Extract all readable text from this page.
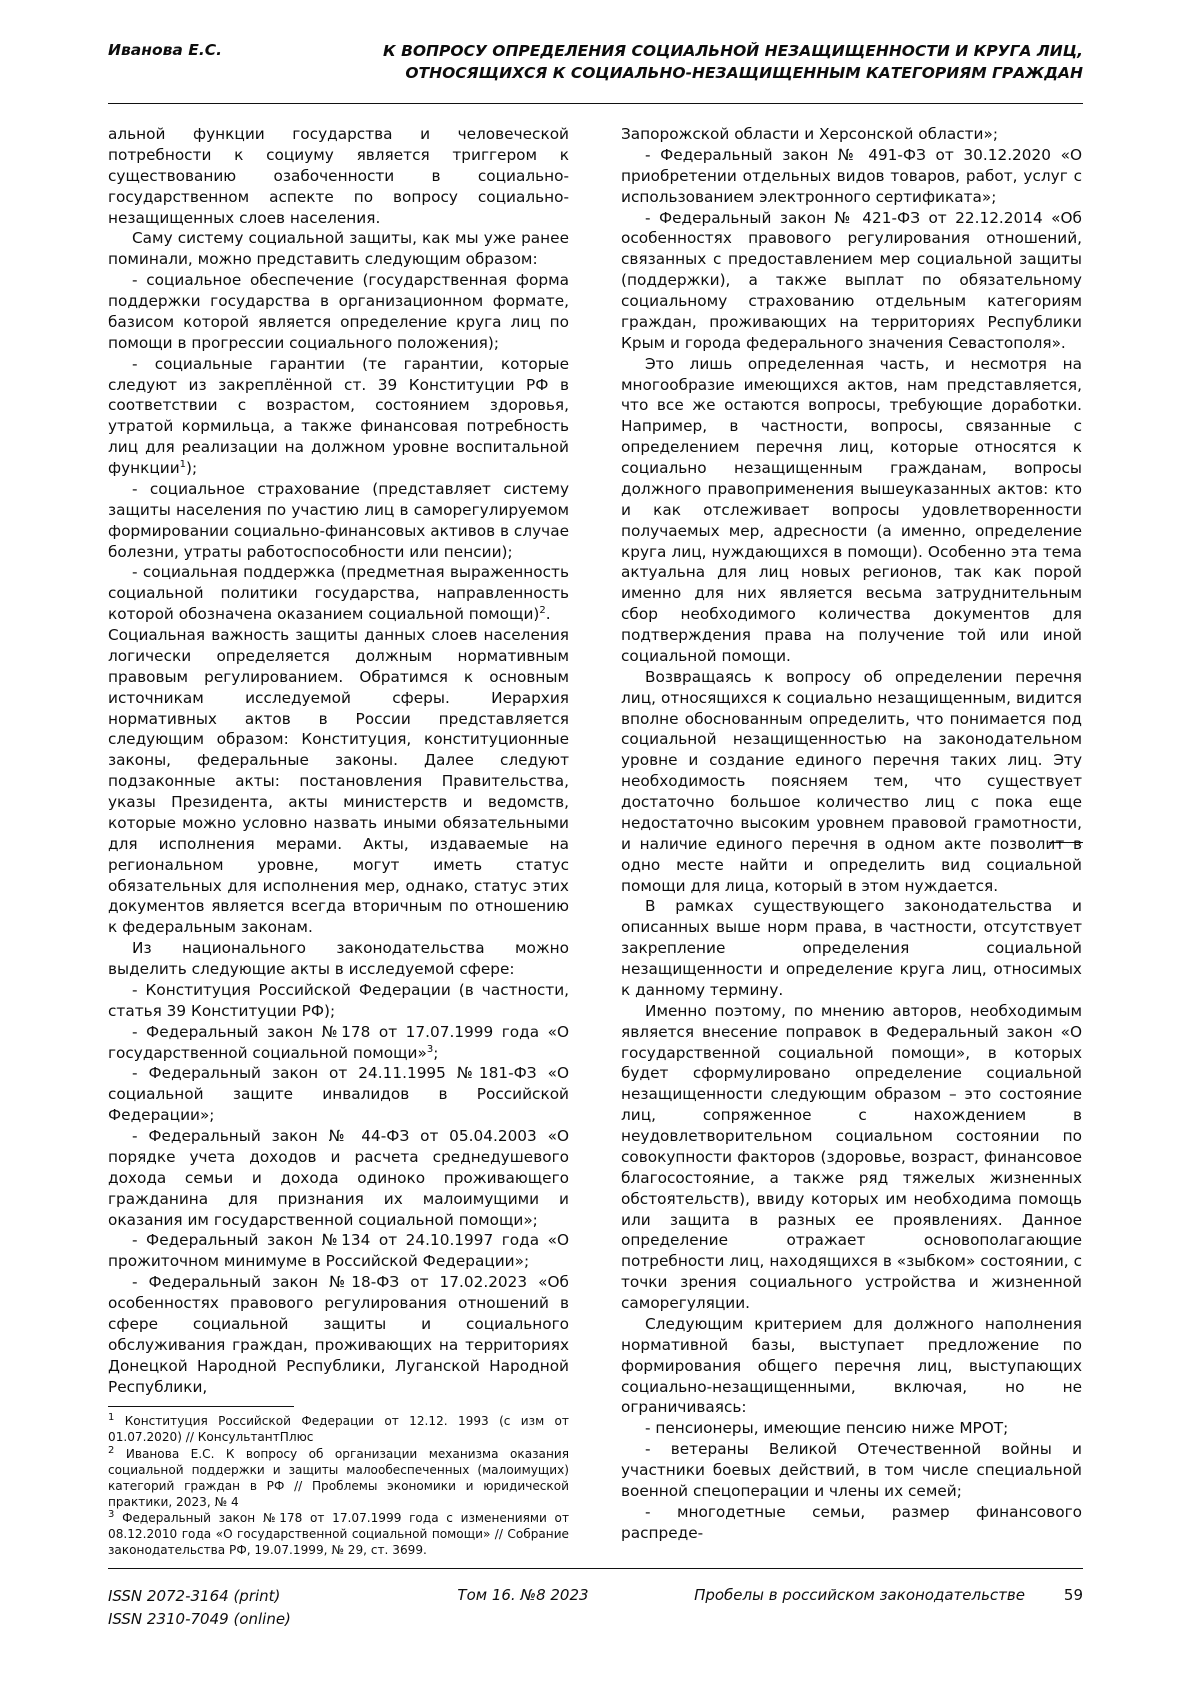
Иванова Е.С.	К ВОПРОСУ ОПРЕДЕЛЕНИЯ СОЦИАЛЬНОЙ НЕЗАЩИЩЕННОСТИ И КРУГА ЛИЦ,
ОТНОСЯЩИХСЯ К СОЦИАЛЬНО-НЕЗАЩИЩЕННЫМ КАТЕГОРИЯМ ГРАЖДАН

альной функции государства и человеческой потребности к социуму является триггером к существованию озабоченности в социально-государственном аспекте по вопросу социально-незащищенных слоев населения.

Саму систему социальной защиты, как мы уже ранее поминали, можно представить следующим образом:

- социальное обеспечение (государственная форма поддержки государства в организационном формате, базисом которой является определение круга лиц по помощи в прогрессии социального положения);

- социальные гарантии (те гарантии, которые следуют из закреплённой ст. 39 Конституции РФ в соответствии с возрастом, состоянием здоровья, утратой кормильца, а также финансовая потребность лиц для реализации на должном уровне воспитальной функции$^1$);

- социальное страхование (представляет систему защиты населения по участию лиц в саморегулируемом формировании социально-финансовых активов в случае болезни, утраты работоспособности или пенсии);

- социальная поддержка (предметная выраженность социальной политики государства, направленность которой обозначена оказанием социальной помощи)$^2$.

Социальная важность защиты данных слоев населения логически определяется должным нормативным правовым регулированием. Обратимся к основным источникам исследуемой сферы. Иерархия нормативных актов в России представляется следующим образом: Конституция, конституционные законы, федеральные законы. Далее следуют подзаконные акты: постановления Правительства, указы Президента, акты министерств и ведомств, которые можно условно назвать иными обязательными для исполнения мерами. Акты, издаваемые на региональном уровне, могут иметь статус обязательных для исполнения мер, однако, статус этих документов является всегда вторичным по отношению к федеральным законам.

Из национального законодательства можно выделить следующие акты в исследуемой сфере:

- Конституция Российской Федерации (в частности, статья 39 Конституции РФ);

- Федеральный закон №178 от 17.07.1999 года «О государственной социальной помощи»$^3$;

- Федеральный закон от 24.11.1995 №181-ФЗ «О социальной защите инвалидов в Российской Федерации»;

- Федеральный закон № 44-ФЗ от 05.04.2003 «О порядке учета доходов и расчета среднедушевого дохода семьи и дохода одиноко проживающего гражданина для признания их малоимущими и оказания им государственной социальной помощи»;

- Федеральный закон №134 от 24.10.1997 года «О прожиточном минимуме в Российской Федерации»;

- Федеральный закон №18-ФЗ от 17.02.2023 «Об особенностях правового регулирования отношений в сфере социальной защиты и социального обслуживания граждан, проживающих на территориях Донецкой Народной Республики, Луганской Народной Республики,

$^1$ Конституция Российской Федерации от 12.12. 1993 (с изм от 01.07.2020) // КонсультантПлюс

$^2$ Иванова Е.С. К вопросу об организации механизма оказания социальной поддержки и защиты малообеспеченных (малоимущих) категорий граждан в РФ // Проблемы экономики и юридической практики, 2023, № 4

$^3$ Федеральный закон №178 от 17.07.1999 года с изменениями от 08.12.2010 года «О государственной социальной помощи» // Собрание законодательства РФ, 19.07.1999, № 29, ст. 3699.

Запорожской области и Херсонской области»;

- Федеральный закон № 491-ФЗ от 30.12.2020 «О приобретении отдельных видов товаров, работ, услуг с использованием электронного сертификата»;

- Федеральный закон № 421-ФЗ от 22.12.2014 «Об особенностях правового регулирования отношений, связанных с предоставлением мер социальной защиты (поддержки), а также выплат по обязательному социальному страхованию отдельным категориям граждан, проживающих на территориях Республики Крым и города федерального значения Севастополя».

Это лишь определенная часть, и несмотря на многообразие имеющихся актов, нам представляется, что все же остаются вопросы, требующие доработки. Например, в частности, вопросы, связанные с определением перечня лиц, которые относятся к социально незащищенным гражданам, вопросы должного правоприменения вышеуказанных актов: кто и как отслеживает вопросы удовлетворенности получаемых мер, адресности (а именно, определение круга лиц, нуждающихся в помощи). Особенно эта тема актуальна для лиц новых регионов, так как порой именно для них является весьма затруднительным сбор необходимого количества документов для подтверждения права на получение той или иной социальной помощи.

Возвращаясь к вопросу об определении перечня лиц, относящихся к социально незащищенным, видится вполне обоснованным определить, что понимается под социальной незащищенностью на законодательном уровне и создание единого перечня таких лиц. Эту необходимость поясняем тем, что существует достаточно большое количество лиц с пока еще недостаточно высоким уровнем правовой грамотности, и наличие единого перечня в одном акте позволит в одно месте найти и определить вид социальной помощи для лица, который в этом нуждается.

В рамках существующего законодательства и описанных выше норм права, в частности, отсутствует закрепление определения социальной незащищенности и определение круга лиц, относимых к данному термину.

Именно поэтому, по мнению авторов, необходимым является внесение поправок в Федеральный закон «О государственной социальной помощи», в которых будет сформулировано определение социальной незащищенности следующим образом – это состояние лиц, сопряженное с нахождением в неудовлетворительном социальном состоянии по совокупности факторов (здоровье, возраст, финансовое благосостояние, а также ряд тяжелых жизненных обстоятельств), ввиду которых им необходима помощь или защита в разных ее проявлениях. Данное определение отражает основополагающие потребности лиц, находящихся в «зыбком» состоянии, с точки зрения социального устройства и жизненной саморегуляции.

Следующим критерием для должного наполнения нормативной базы, выступает предложение по формирования общего перечня лиц, выступающих социально-незащищенными, включая, но не ограничиваясь:

- пенсионеры, имеющие пенсию ниже МРОТ;

- ветераны Великой Отечественной войны и участники боевых действий, в том числе специальной военной спецоперации и члены их семей;

- многодетные семьи, размер финансового распреде-

ISSN 2072-3164 (print)
ISSN 2310-7049 (online)
Том 16. №8 2023	Пробелы в российском законодательстве	59
